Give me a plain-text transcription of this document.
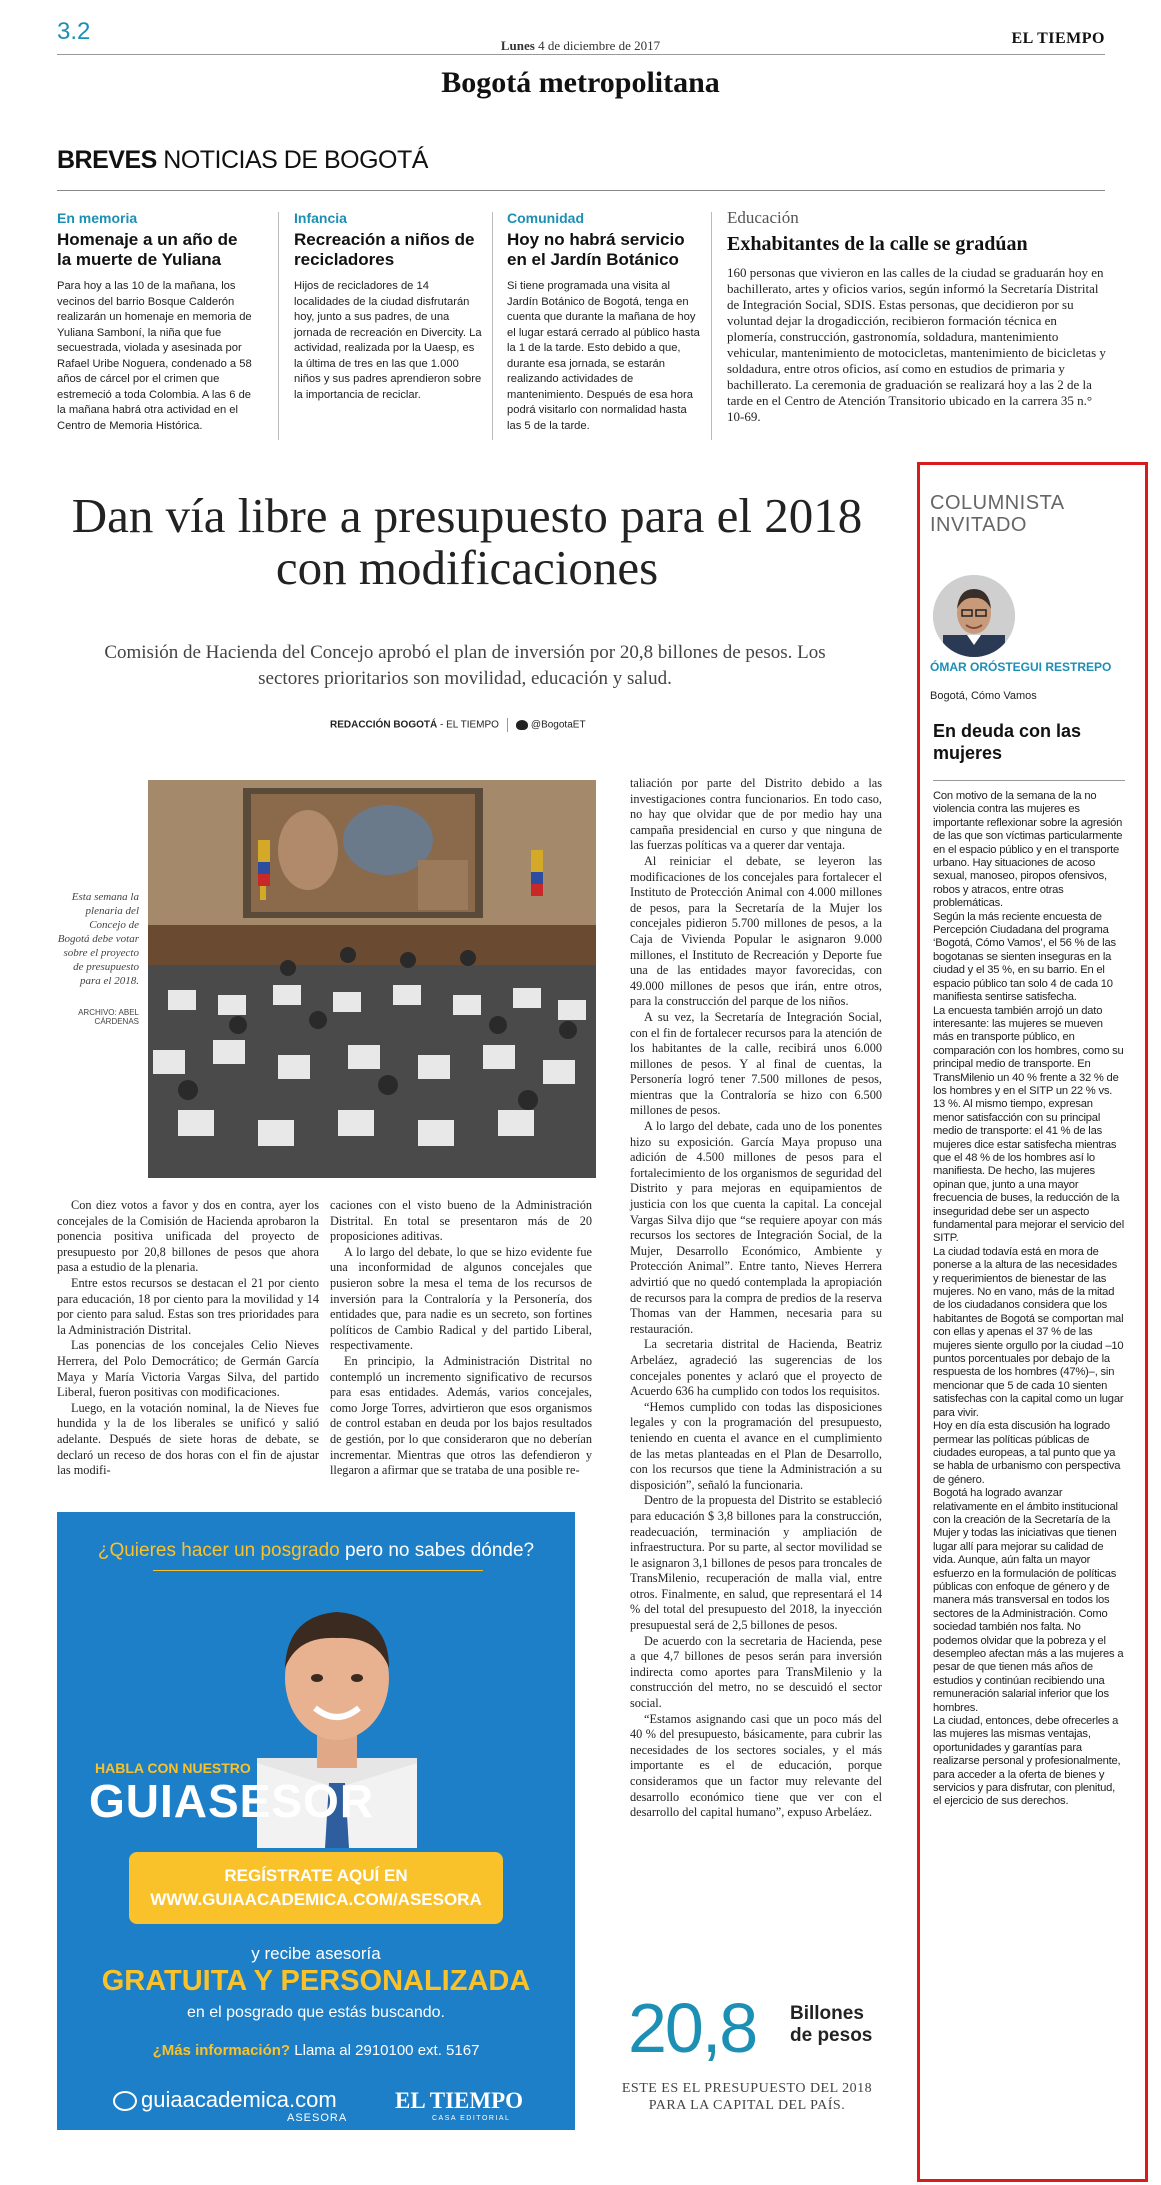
3.2
Lunes 4 de diciembre de 2017	EL TIEMPO
Bogotá metropolitana
BREVES NOTICIAS DE BOGOTÁ
En memoria
Homenaje a un año de la muerte de Yuliana
Para hoy a las 10 de la mañana, los vecinos del barrio Bosque Calderón realizarán un homenaje en memoria de Yuliana Samboní, la niña que fue secuestrada, violada y asesinada por Rafael Uribe Noguera, condenado a 58 años de cárcel por el crimen que estremeció a toda Colombia. A las 6 de la mañana habrá otra actividad en el Centro de Memoria Histórica.
Infancia
Recreación a niños de recicladores
Hijos de recicladores de 14 localidades de la ciudad disfrutarán hoy, junto a sus padres, de una jornada de recreación en Divercity. La actividad, realizada por la Uaesp, es la última de tres en las que 1.000 niños y sus padres aprendieron sobre la importancia de reciclar.
Comunidad
Hoy no habrá servicio en el Jardín Botánico
Si tiene programada una visita al Jardín Botánico de Bogotá, tenga en cuenta que durante la mañana de hoy el lugar estará cerrado al público hasta la 1 de la tarde. Esto debido a que, durante esa jornada, se estarán realizando actividades de mantenimiento. Después de esa hora podrá visitarlo con normalidad hasta las 5 de la tarde.
Educación
Exhabitantes de la calle se gradúan
160 personas que vivieron en las calles de la ciudad se graduarán hoy en bachillerato, artes y oficios varios, según informó la Secretaría Distrital de Integración Social, SDIS. Estas personas, que decidieron por su voluntad dejar la drogadicción, recibieron formación técnica en plomería, construcción, gastronomía, soldadura, mantenimiento vehicular, mantenimiento de motocicletas, mantenimiento de bicicletas y soldadura, entre otros oficios, así como en estudios de primaria y bachillerato. La ceremonia de graduación se realizará hoy a las 2 de la tarde en el Centro de Atención Transitorio ubicado en la carrera 35 n.° 10-69.
Dan vía libre a presupuesto para el 2018 con modificaciones
Comisión de Hacienda del Concejo aprobó el plan de inversión por 20,8 billones de pesos. Los sectores prioritarios son movilidad, educación y salud.
REDACCIÓN BOGOTÁ - EL TIEMPO	@BogotaET
Esta semana la plenaria del Concejo de Bogotá debe votar sobre el proyecto de presupuesto para el 2018.
ARCHIVO: ABEL CÁRDENAS

Con diez votos a favor y dos en contra, ayer los concejales de la Comisión de Hacienda aprobaron la ponencia positiva unificada del proyecto de presupuesto por 20,8 billones de pesos que ahora pasa a estudio de la plenaria.

Entre estos recursos se destacan el 21 por ciento para educación, 18 por ciento para la movilidad y 14 por ciento para salud. Estas son tres prioridades para la Administración Distrital.

Las ponencias de los concejales Celio Nieves Herrera, del Polo Democrático; de Germán García Maya y María Victoria Vargas Silva, del partido Liberal, fueron positivas con modificaciones.

Luego, en la votación nominal, la de Nieves fue hundida y la de los liberales se unificó y salió adelante. Después de siete horas de debate, se declaró un receso de dos horas con el fin de ajustar las modifi-

caciones con el visto bueno de la Administración Distrital. En total se presentaron más de 20 proposiciones aditivas.

A lo largo del debate, lo que se hizo evidente fue una inconformidad de algunos concejales que pusieron sobre la mesa el tema de los recursos de inversión para la Contraloría y la Personería, dos entidades que, para nadie es un secreto, son fortines políticos de Cambio Radical y del partido Liberal, respectivamente.

En principio, la Administración Distrital no contempló un incremento significativo de recursos para esas entidades. Además, varios concejales, como Jorge Torres, advirtieron que esos organismos de control estaban en deuda por los bajos resultados de gestión, por lo que consideraron que no deberían incrementar. Mientras que otros las defendieron y llegaron a afirmar que se trataba de una posible re-

taliación por parte del Distrito debido a las investigaciones contra funcionarios. En todo caso, no hay que olvidar que de por medio hay una campaña presidencial en curso y que ninguna de las fuerzas políticas va a querer dar ventaja.

Al reiniciar el debate, se leyeron las modificaciones de los concejales para fortalecer el Instituto de Protección Animal con 4.000 millones de pesos, para la Secretaría de la Mujer los concejales pidieron 5.700 millones de pesos, a la Caja de Vivienda Popular le asignaron 9.000 millones, el Instituto de Recreación y Deporte fue una de las entidades mayor favorecidas, con 49.000 millones de pesos que irán, entre otros, para la construcción del parque de los niños.

A su vez, la Secretaría de Integración Social, con el fin de fortalecer recursos para la atención de los habitantes de la calle, recibirá unos 6.000 millones de pesos. Y al final de cuentas, la Personería logró tener 7.500 millones de pesos, mientras que la Contraloría se hizo con 6.500 millones de pesos.

A lo largo del debate, cada uno de los ponentes hizo su exposición. García Maya propuso una adición de 4.500 millones de pesos para el fortalecimiento de los organismos de seguridad del Distrito y para mejoras en equipamientos de justicia con los que cuenta la capital. La concejal Vargas Silva dijo que “se requiere apoyar con más recursos los sectores de Integración Social, de la Mujer, Desarrollo Económico, Ambiente y Protección Animal”. Entre tanto, Nieves Herrera advirtió que no quedó contemplada la apropiación de recursos para la compra de predios de la reserva Thomas van der Hammen, necesaria para su restauración.

La secretaria distrital de Hacienda, Beatriz Arbeláez, agradeció las sugerencias de los concejales ponentes y aclaró que el proyecto de Acuerdo 636 ha cumplido con todos los requisitos.

“Hemos cumplido con todas las disposiciones legales y con la programación del presupuesto, teniendo en cuenta el avance en el cumplimiento de las metas planteadas en el Plan de Desarrollo, con los recursos que tiene la Administración a su disposición”, señaló la funcionaria.

Dentro de la propuesta del Distrito se estableció para educación $ 3,8 billones para la construcción, readecuación, terminación y ampliación de infraestructura. Por su parte, al sector movilidad se le asignaron 3,1 billones de pesos para troncales de TransMilenio, recuperación de malla vial, entre otros. Finalmente, en salud, que representará el 14 % del total del presupuesto del 2018, la inyección presupuestal será de 2,5 billones de pesos.

De acuerdo con la secretaria de Hacienda, pese a que 4,7 billones de pesos serán para inversión indirecta como aportes para TransMilenio y la construcción del metro, no se descuidó el sector social.

“Estamos asignando casi que un poco más del 40 % del presupuesto, básicamente, para cubrir las necesidades de los sectores sociales, y el más importante es el de educación, porque consideramos que un factor muy relevante del desarrollo económico tiene que ver con el desarrollo del capital humano”, expuso Arbeláez.

¿Quieres hacer un posgrado pero no sabes dónde?
HABLA CON NUESTRO
GUIASESOR
REGÍSTRATE AQUÍ EN
WWW.GUIAACADEMICA.COM/ASESORA
y recibe asesoría
GRATUITA Y PERSONALIZADA
en el posgrado que estás buscando.
¿Más información? Llama al 2910100 ext. 5167
guiaacademica.com
ASESORA
EL TIEMPO
CASA EDITORIAL
20,8 Billones de pesos
ESTE ES EL PRESUPUESTO DEL 2018 PARA LA CAPITAL DEL PAÍS.
COLUMNISTA INVITADO
ÓMAR ORÓSTEGUI RESTREPO
Bogotá, Cómo Vamos
En deuda con las mujeres

Con motivo de la semana de la no violencia contra las mujeres es importante reflexionar sobre la agresión de las que son víctimas particularmente en el espacio público y en el transporte urbano. Hay situaciones de acoso sexual, manoseo, piropos ofensivos, robos y atracos, entre otras problemáticas.

Según la más reciente encuesta de Percepción Ciudadana del programa ‘Bogotá, Cómo Vamos’, el 56 % de las bogotanas se sienten inseguras en la ciudad y el 35 %, en su barrio. En el espacio público tan solo 4 de cada 10 manifiesta sentirse satisfecha.

La encuesta también arrojó un dato interesante: las mujeres se mueven más en transporte público, en comparación con los hombres, como su principal medio de transporte. En TransMilenio un 40 % frente a 32 % de los hombres y en el SITP un 22 % vs. 13 %. Al mismo tiempo, expresan menor satisfacción con su principal medio de transporte: el 41 % de las mujeres dice estar satisfecha mientras que el 48 % de los hombres así lo manifiesta. De hecho, las mujeres opinan que, junto a una mayor frecuencia de buses, la reducción de la inseguridad debe ser un aspecto fundamental para mejorar el servicio del SITP.

La ciudad todavía está en mora de ponerse a la altura de las necesidades y requerimientos de bienestar de las mujeres. No en vano, más de la mitad de los ciudadanos considera que los habitantes de Bogotá se comportan mal con ellas y apenas el 37 % de las mujeres siente orgullo por la ciudad –10 puntos porcentuales por debajo de la respuesta de los hombres (47%)–, sin mencionar que 5 de cada 10 sienten satisfechas con la capital como un lugar para vivir.

Hoy en día esta discusión ha logrado permear las políticas públicas de ciudades europeas, a tal punto que ya se habla de urbanismo con perspectiva de género.

Bogotá ha logrado avanzar relativamente en el ámbito institucional con la creación de la Secretaría de la Mujer y todas las iniciativas que tienen lugar allí para mejorar su calidad de vida. Aunque, aún falta un mayor esfuerzo en la formulación de políticas públicas con enfoque de género y de manera más transversal en todos los sectores de la Administración. Como sociedad también nos falta. No podemos olvidar que la pobreza y el desempleo afectan más a las mujeres a pesar de que tienen más años de estudios y continúan recibiendo una remuneración salarial inferior que los hombres.

La ciudad, entonces, debe ofrecerles a las mujeres las mismas ventajas, oportunidades y garantías para realizarse personal y profesionalmente, para acceder a la oferta de bienes y servicios y para disfrutar, con plenitud, el ejercicio de sus derechos.
